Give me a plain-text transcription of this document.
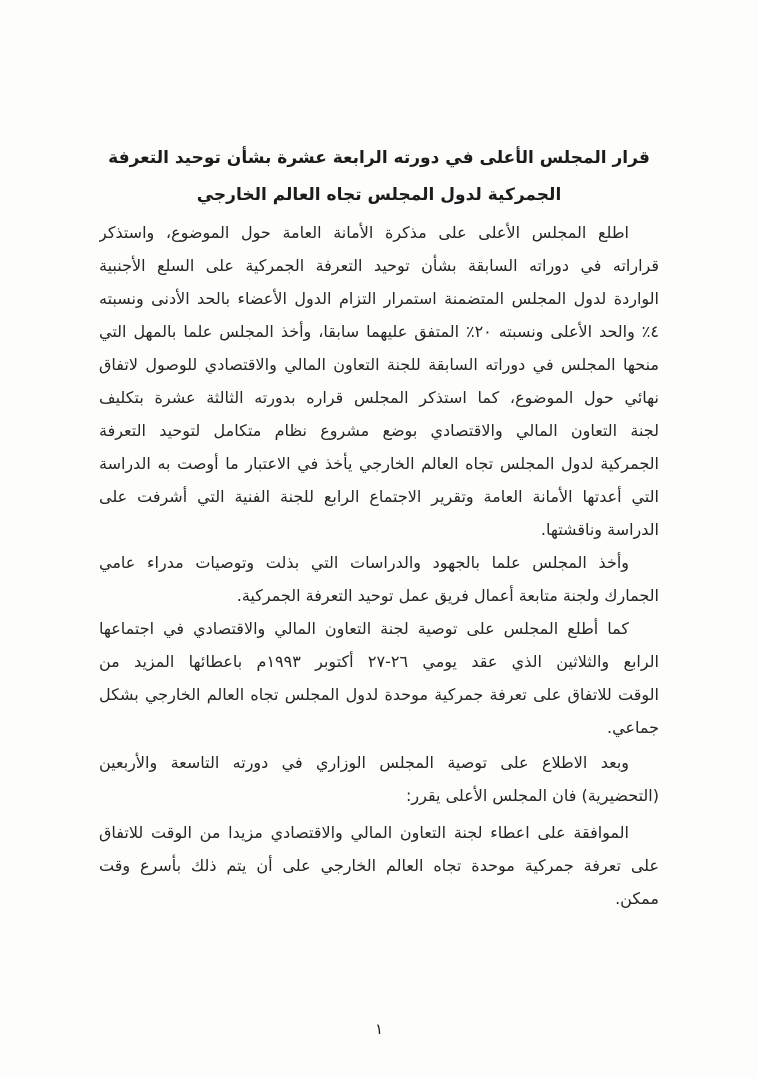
قرار المجلس الأعلى في دورته الرابعة عشرة بشأن توحيد التعرفة
الجمركية لدول المجلس تجاه العالم الخارجي
اطلع المجلس الأعلى على مذكرة الأمانة العامة حول الموضوع، واستذكر
قراراته في دوراته السابقة بشأن توحيد التعرفة الجمركية على السلع الأجنبية
الواردة لدول المجلس المتضمنة استمرار التزام الدول الأعضاء بالحد الأدنى ونسبته
٤٪ والحد الأعلى ونسبته ٢٠٪ المتفق عليهما سابقا، وأخذ المجلس علما بالمهل التي
منحها المجلس في دوراته السابقة للجنة التعاون المالي والاقتصادي للوصول لاتفاق
نهائي حول الموضوع، كما استذكر المجلس قراره بدورته الثالثة عشرة بتكليف
لجنة التعاون المالي والاقتصادي بوضع مشروع نظام متكامل لتوحيد التعرفة
الجمركية لدول المجلس تجاه العالم الخارجي يأخذ في الاعتبار ما أوصت به الدراسة
التي أعدتها الأمانة العامة وتقرير الاجتماع الرابع للجنة الفنية التي أشرفت على
الدراسة وناقشتها.
وأخذ المجلس علما بالجهود والدراسات التي بذلت وتوصيات مدراء عامي
الجمارك ولجنة متابعة أعمال فريق عمل توحيد التعرفة الجمركية.
كما أطلع المجلس على توصية لجنة التعاون المالي والاقتصادي في اجتماعها
الرابع والثلاثين الذي عقد يومي ٢٦-٢٧ أكتوبر ١٩٩٣م باعطائها المزيد من
الوقت للاتفاق على تعرفة جمركية موحدة لدول المجلس تجاه العالم الخارجي بشكل
جماعي.
وبعد الاطلاع على توصية المجلس الوزاري في دورته التاسعة والأربعين
(التحضيرية) فان المجلس الأعلى يقرر:
الموافقة على اعطاء لجنة التعاون المالي والاقتصادي مزيدا من الوقت للاتفاق
على تعرفة جمركية موحدة تجاه العالم الخارجي على أن يتم ذلك بأسرع وقت
ممكن.
١
